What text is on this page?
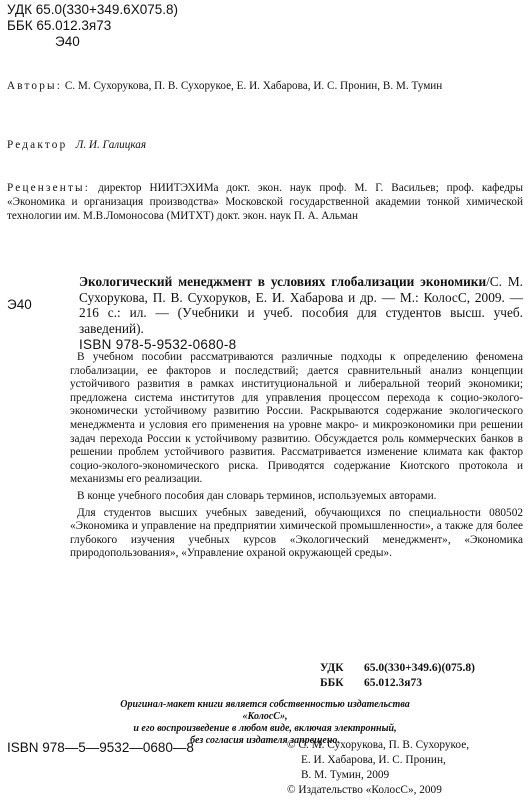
УДК 65.0(330+349.6Х075.8)
ББК 65.012.3я73
Э40
Авторы: С. М. Сухорукова, П. В. Сухорукое, Е. И. Хабарова, И. С. Пронин, В. М. Тумин
Редактор Л. И. Галицкая
Рецензенты: директор НИИТЭХИМа докт. экон. наук проф. М. Г. Васильев; проф. кафедры «Экономика и организация производства» Московской государственной академии тонкой химической технологии им. М.В.Ломоносова (МИТХТ) докт. экон. наук П. А. Альман
Э40
Экологический менеджмент в условиях глобализации экономики/С. М. Сухорукова, П. В. Сухоруков, Е. И. Хабарова и др. — М.: КолосС, 2009. — 216 с.: ил. — (Учебники и учеб. пособия для студентов высш. учеб. заведений).
ISBN 978-5-9532-0680-8

В учебном пособии рассматриваются различные подходы к определению феномена глобализации, ее факторов и последствий; дается сравнительный анализ концепции устойчивого развития в рамках институциональной и либеральной теорий экономики; предложена система институтов для управления процессом перехода к социо-эколого-экономически устойчивому развитию России. Раскрываются содержание экологического менеджмента и условия его применения на уровне макро- и микроэкономики при решении задач перехода России к устойчивому развитию. Обсуждается роль коммерческих банков в решении проблем устойчивого развития. Рассматривается изменение климата как фактор социо-эколого-экономического риска. Приводятся содержание Киотского протокола и механизмы его реализации.

В конце учебного пособия дан словарь терминов, используемых авторами.

Для студентов высших учебных заведений, обучающихся по специальности 080502 «Экономика и управление на предприятии химической промышленности», а также для более глубокого изучения учебных курсов «Экологический менеджмент», «Экономика природопользования», «Управление охраной окружающей среды».

УДК	65.0(330+349.6)(075.8)
ББК	65.012.3я73
Оригинал-макет книги является собственностью издательства «КолосС»,
и его воспроизведение в любом виде, включая электронный,
без согласия издателя запрещено.
ISBN 978—5—9532—0680—8	© С. М. Сухорукова, П. В. Сухорукое,
Е. И. Хабарова, И. С. Пронин,
В. М. Тумин, 2009
© Издательство «КолосС», 2009
